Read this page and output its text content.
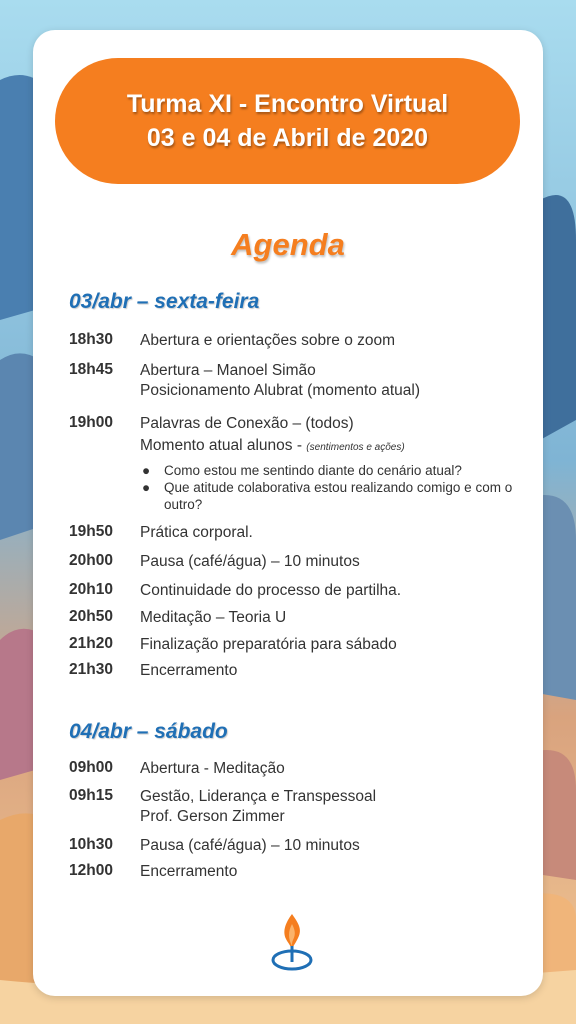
Turma XI - Encontro Virtual
03 e 04 de Abril de 2020
Agenda
03/abr – sexta-feira
18h30	Abertura e orientações sobre o zoom
18h45	Abertura – Manoel Simão
Posicionamento Alubrat (momento atual)
19h00	Palavras de Conexão – (todos)
Momento atual alunos - (sentimentos e ações)
● Como estou me sentindo diante do cenário atual?
● Que atitude colaborativa estou realizando comigo e com o outro?
19h50	Prática corporal.
20h00	Pausa (café/água) – 10 minutos
20h10	Continuidade do processo de partilha.
20h50	Meditação – Teoria U
21h20	Finalização preparatória para sábado
21h30	Encerramento
04/abr – sábado
09h00	Abertura - Meditação
09h15	Gestão, Liderança e Transpessoal
Prof. Gerson Zimmer
10h30	Pausa (café/água) – 10 minutos
12h00	Encerramento
